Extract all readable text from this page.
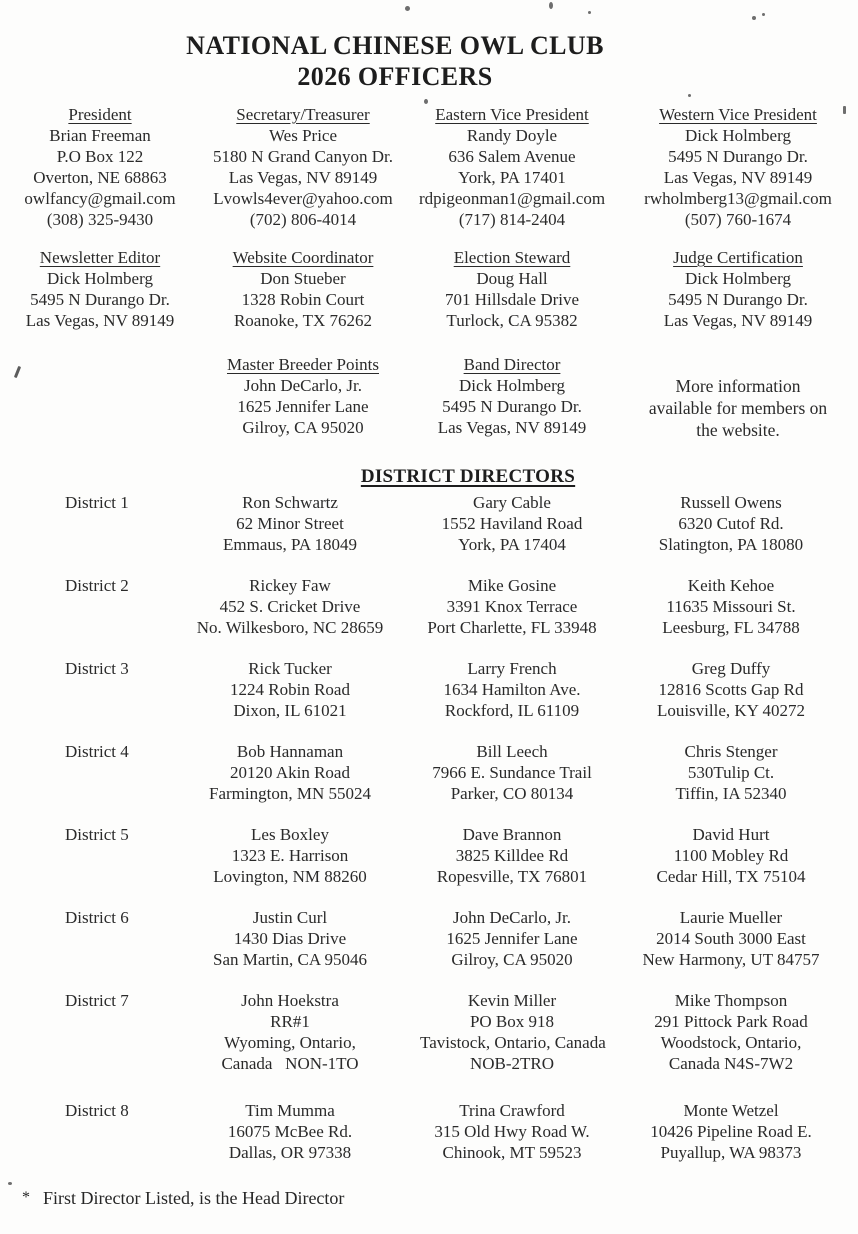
NATIONAL CHINESE OWL CLUB
2026 OFFICERS
President
Brian Freeman
P.O Box 122
Overton, NE 68863
owlfancy@gmail.com
(308) 325-9430
Secretary/Treasurer
Wes Price
5180 N Grand Canyon Dr.
Las Vegas, NV 89149
Lvowls4ever@yahoo.com
(702) 806-4014
Eastern Vice President
Randy Doyle
636 Salem Avenue
York, PA 17401
rdpigeonman1@gmail.com
(717) 814-2404
Western Vice President
Dick Holmberg
5495 N Durango Dr.
Las Vegas, NV 89149
rwholmberg13@gmail.com
(507) 760-1674
Newsletter Editor
Dick Holmberg
5495 N Durango Dr.
Las Vegas, NV 89149
Website Coordinator
Don Stueber
1328 Robin Court
Roanoke, TX 76262
Election Steward
Doug Hall
701 Hillsdale Drive
Turlock, CA 95382
Judge Certification
Dick Holmberg
5495 N Durango Dr.
Las Vegas, NV 89149
More information
available for members on
the website.
Master Breeder Points
John DeCarlo, Jr.
1625 Jennifer Lane
Gilroy, CA 95020
Band Director
Dick Holmberg
5495 N Durango Dr.
Las Vegas, NV 89149
DISTRICT DIRECTORS
District 1	Ron Schwartz
62 Minor Street
Emmaus, PA 18049
Gary Cable
1552 Haviland Road
York, PA 17404
Russell Owens
6320 Cutof Rd.
Slatington, PA 18080
District 2	Rickey Faw
452 S. Cricket Drive
No. Wilkesboro, NC 28659
Mike Gosine
3391 Knox Terrace
Port Charlette, FL 33948
Keith Kehoe
11635 Missouri St.
Leesburg, FL 34788
District 3	Rick Tucker
1224 Robin Road
Dixon, IL 61021
Larry French
1634 Hamilton Ave.
Rockford, IL 61109
Greg Duffy
12816 Scotts Gap Rd
Louisville, KY 40272
District 4	Bob Hannaman
20120 Akin Road
Farmington, MN 55024
Bill Leech
7966 E. Sundance Trail
Parker, CO 80134
Chris Stenger
530Tulip Ct.
Tiffin, IA 52340
District 5	Les Boxley
1323 E. Harrison
Lovington, NM 88260
Dave Brannon
3825 Killdee Rd
Ropesville, TX 76801
David Hurt
1100 Mobley Rd
Cedar Hill, TX 75104
District 6	Justin Curl
1430 Dias Drive
San Martin, CA 95046
John DeCarlo, Jr.
1625 Jennifer Lane
Gilroy, CA 95020
Laurie Mueller
2014 South 3000 East
New Harmony, UT 84757
District 7	John Hoekstra
RR#1
Wyoming, Ontario,
Canada   NON-1TO
Kevin Miller
PO Box 918
Tavistock, Ontario, Canada
NOB-2TRO
Mike Thompson
291 Pittock Park Road
Woodstock, Ontario,
Canada N4S-7W2
District 8	Tim Mumma
16075 McBee Rd.
Dallas, OR 97338
Trina Crawford
315 Old Hwy Road W.
Chinook, MT 59523
Monte Wetzel
10426 Pipeline Road E.
Puyallup, WA 98373
* First Director Listed, is the Head Director
